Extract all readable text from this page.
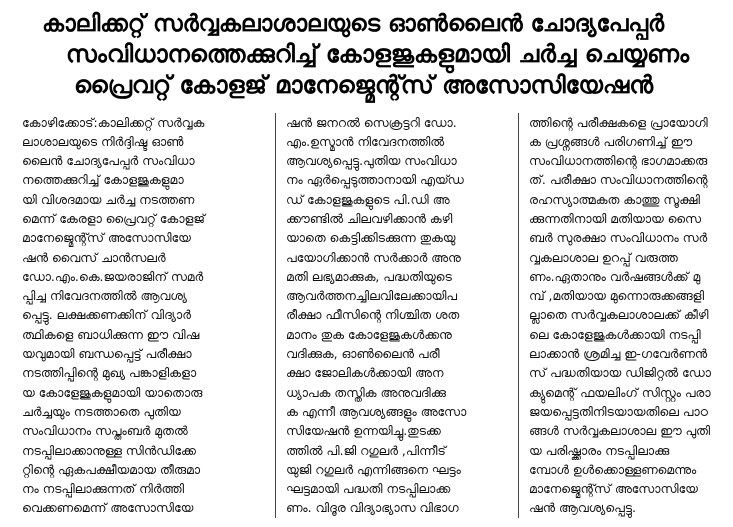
കാലിക്കറ്റ് സർവ്വകലാശാലയുടെ ഓൺലൈൻ ചോദ്യപേപ്പർ
സംവിധാനത്തെക്കുറിച്ച് കോളജുകളുമായി ചർച്ച ചെയ്യണം
പ്രൈവറ്റ് കോളജ് മാനേജ്മെന്റ്സ് അസോസിയേഷൻ
കോഴിക്കോട്:കാലിക്കറ്റ് സർവ്വക
ലാശാലയുടെ നിർദ്ദിഷ്ട ഓൺ
ലൈൻ ചോദ്യപേപ്പർ സംവിധാ
നത്തെക്കുറിച്ച് കോളജുകളുമാ
യി വിശദമായ ചർച്ച നടത്തണ
മെന്ന് കേരളാ പ്രൈവറ്റ് കോളജ്
മാനേജ്മെന്റ്സ് അസോസിയേ
ഷൻ വൈസ് ചാൻസലർ
ഡോ.എം.കെ.ജയരാജിന് സമർ
പ്പിച്ച നിവേദനത്തിൽ ആവശ്യ
പ്പെട്ടു. ലക്ഷക്കണക്കിന് വിദ്യാർ
ത്ഥികളെ ബാധിക്കുന്ന ഈ വിഷ
യവുമായി ബന്ധപ്പെട്ട് പരീക്ഷാ
നടത്തിപ്പിന്റെ മുഖ്യ പങ്കാളികളാ
യ കോളേജുകളുമായി യാതൊരു
ചർച്ചയും നടത്താതെ പുതിയ
സംവിധാനം സപ്തംബർ മുതൽ
നടപ്പിലാക്കാനുള്ള സിൻഡിക്കേ
റ്റിന്റെ ഏകപക്ഷീയമായ തീരുമാ
നം നടപ്പിലാക്കുന്നത് നിർത്തി
വെക്കണമെന്ന് അസോസിയേ
ഷൻ ജനറൽ സെക്രട്ടറി ഡോ.
എം.ഉസ്മാൻ നിവേദനത്തിൽ
ആവശ്യപ്പെട്ടു.പുതിയ സംവിധാ
നം ഏർപ്പെടുത്താനായി എയ്ഡ
ഡ് കോളജുകളുടെ പി.ഡി അ
ക്കൗണ്ടിൽ ചിലവഴിക്കാൻ കഴി
യാതെ കെട്ടിക്കിടക്കുന്ന തുകയു
പയോഗിക്കാൻ സർക്കാർ അനു
മതി ലഭ്യമാക്കുക, പദ്ധതിയുടെ
ആവർത്തനച്ചിലവിലേക്കായിപ
രീക്ഷാ ഫീസിന്റെ നിശ്ചിത ശത
മാനം തുക കോളേജുകൾക്കനു
വദിക്കുക, ഓൺലൈൻ പരീ
ക്ഷാ ജോലികൾക്കായി അന
ധ്യാപക തസ്തിക അനുവദിക്കു
ക എന്നീ ആവശ്യങ്ങളും അസോ
സിയേഷൻ ഉന്നയിച്ചു.തുടക്ക
ത്തിൽ പി.ജി റഗുലർ ,പിന്നീട്
യുജി റഗുലർ എന്നിങ്ങനെ ഘട്ടം
ഘട്ടമായി പദ്ധതി നടപ്പിലാക്ക
ണം. വിദൂര വിദ്യാഭ്യാസ വിഭാഗ
ത്തിന്റെ പരീക്ഷകളെ പ്രായോഗി
ക പ്രശ്നങ്ങൾ പരിഗണിച്ച് ഈ
സംവിധാനത്തിന്റെ ഭാഗമാക്കരു
ത്. പരീക്ഷാ സംവിധാനത്തിന്റെ
രഹസ്യാത്മകത കാത്തു സൂക്ഷി
ക്കുന്നതിനായി മതിയായ സൈ
ബർ സുരക്ഷാ സംവിധാനം സർ
വ്വകലാശാല ഉറപ്പ് വരുത്ത
ണം.ഏതാനും വർഷങ്ങൾക്ക് മു
മ്പ് ,മതിയായ മുന്നൊരുക്കങ്ങളി
ല്ലാതെ സർവ്വകലാശാലക്ക് കീഴി
ലെ കോളേജുകൾക്കായി നടപ്പി
ലാക്കാൻ ശ്രമിച്ച ഇ-ഗവേർണൻ
സ് പദ്ധതിയായ ഡിജിറ്റൽ ഡോ
ക്യുമെന്റ് ഫയലിംഗ് സിസ്റ്റം പരാ
ജയപ്പെട്ടതിനിടയായതിലെ പാഠ
ങ്ങൾ സർവ്വകലാശാല ഈ പുതി
യ പരിഷ്ക്കാരം നടപ്പിലാക്കു
മ്പോൾ ഉൾക്കൊള്ളണമെന്നും
മാനേജ്മെന്റ്സ് അസോസിയേ
ഷൻ ആവശ്യപ്പെട്ടു.
